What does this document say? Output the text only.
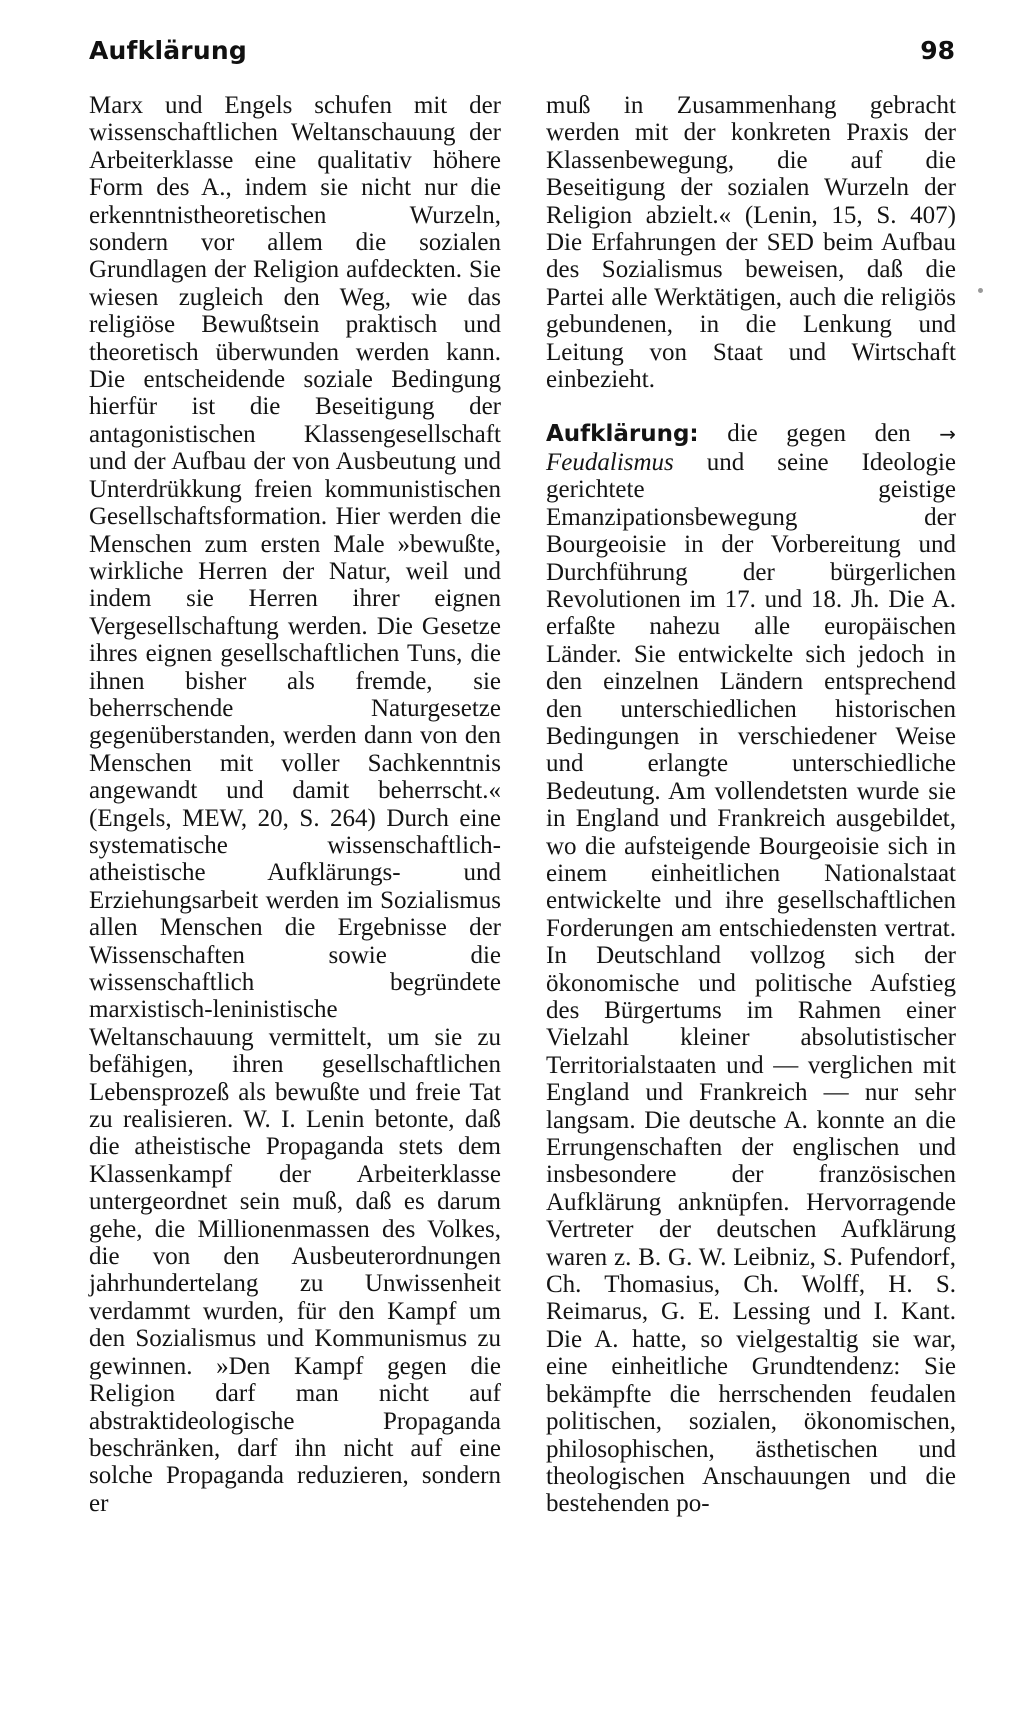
Aufklärung	98

Marx und Engels schufen mit der wissenschaftlichen Weltanschauung der Arbeiterklasse eine qualitativ höhere Form des A., indem sie nicht nur die erkenntnistheoretischen Wurzeln, sondern vor allem die sozialen Grundlagen der Religion aufdeckten. Sie wiesen zugleich den Weg, wie das religiöse Bewußtsein praktisch und theoretisch überwunden werden kann. Die entscheidende soziale Bedingung hierfür ist die Beseitigung der antagonistischen Klassengesellschaft und der Aufbau der von Ausbeutung und Unterdrükkung freien kommunistischen Gesellschaftsformation. Hier werden die Menschen zum ersten Male »bewußte, wirkliche Herren der Natur, weil und indem sie Herren ihrer eignen Vergesellschaftung werden. Die Gesetze ihres eignen gesellschaftlichen Tuns, die ihnen bisher als fremde, sie beherrschende Naturgesetze gegenüberstanden, werden dann von den Menschen mit voller Sachkenntnis angewandt und damit beherrscht.« (Engels, MEW, 20, S. 264) Durch eine systematische wissenschaftlich-atheistische Aufklärungs- und Erziehungsarbeit werden im Sozialismus allen Menschen die Ergebnisse der Wissenschaften sowie die wissenschaftlich begründete marxistisch-leninistische Weltanschauung vermittelt, um sie zu befähigen, ihren gesellschaftlichen Lebensprozeß als bewußte und freie Tat zu realisieren. W. I. Lenin betonte, daß die atheistische Propaganda stets dem Klassenkampf der Arbeiterklasse untergeordnet sein muß, daß es darum gehe, die Millionenmassen des Volkes, die von den Ausbeuterordnungen jahrhundertelang zu Unwissenheit verdammt wurden, für den Kampf um den Sozialismus und Kommunismus zu gewinnen. »Den Kampf gegen die Religion darf man nicht auf abstraktideologische Propaganda beschränken, darf ihn nicht auf eine solche Propaganda reduzieren, sondern er

muß in Zusammenhang gebracht werden mit der konkreten Praxis der Klassenbewegung, die auf die Beseitigung der sozialen Wurzeln der Religion abzielt.« (Lenin, 15, S. 407) Die Erfahrungen der SED beim Aufbau des Sozialismus beweisen, daß die Partei alle Werktätigen, auch die religiös gebundenen, in die Lenkung und Leitung von Staat und Wirtschaft einbezieht.

Aufklärung: die gegen den → Feudalismus und seine Ideologie gerichtete geistige Emanzipationsbewegung der Bourgeoisie in der Vorbereitung und Durchführung der bürgerlichen Revolutionen im 17. und 18. Jh. Die A. erfaßte nahezu alle europäischen Länder. Sie entwickelte sich jedoch in den einzelnen Ländern entsprechend den unterschiedlichen historischen Bedingungen in verschiedener Weise und erlangte unterschiedliche Bedeutung. Am vollendetsten wurde sie in England und Frankreich ausgebildet, wo die aufsteigende Bourgeoisie sich in einem einheitlichen Nationalstaat entwickelte und ihre gesellschaftlichen Forderungen am entschiedensten vertrat. In Deutschland vollzog sich der ökonomische und politische Aufstieg des Bürgertums im Rahmen einer Vielzahl kleiner absolutistischer Territorialstaaten und — verglichen mit England und Frankreich — nur sehr langsam. Die deutsche A. konnte an die Errungenschaften der englischen und insbesondere der französischen Aufklärung anknüpfen. Hervorragende Vertreter der deutschen Aufklärung waren z. B. G. W. Leibniz, S. Pufendorf, Ch. Thomasius, Ch. Wolff, H. S. Reimarus, G. E. Lessing und I. Kant. Die A. hatte, so vielgestaltig sie war, eine einheitliche Grundtendenz: Sie bekämpfte die herrschenden feudalen politischen, sozialen, ökonomischen, philosophischen, ästhetischen und theologischen Anschauungen und die bestehenden po-
